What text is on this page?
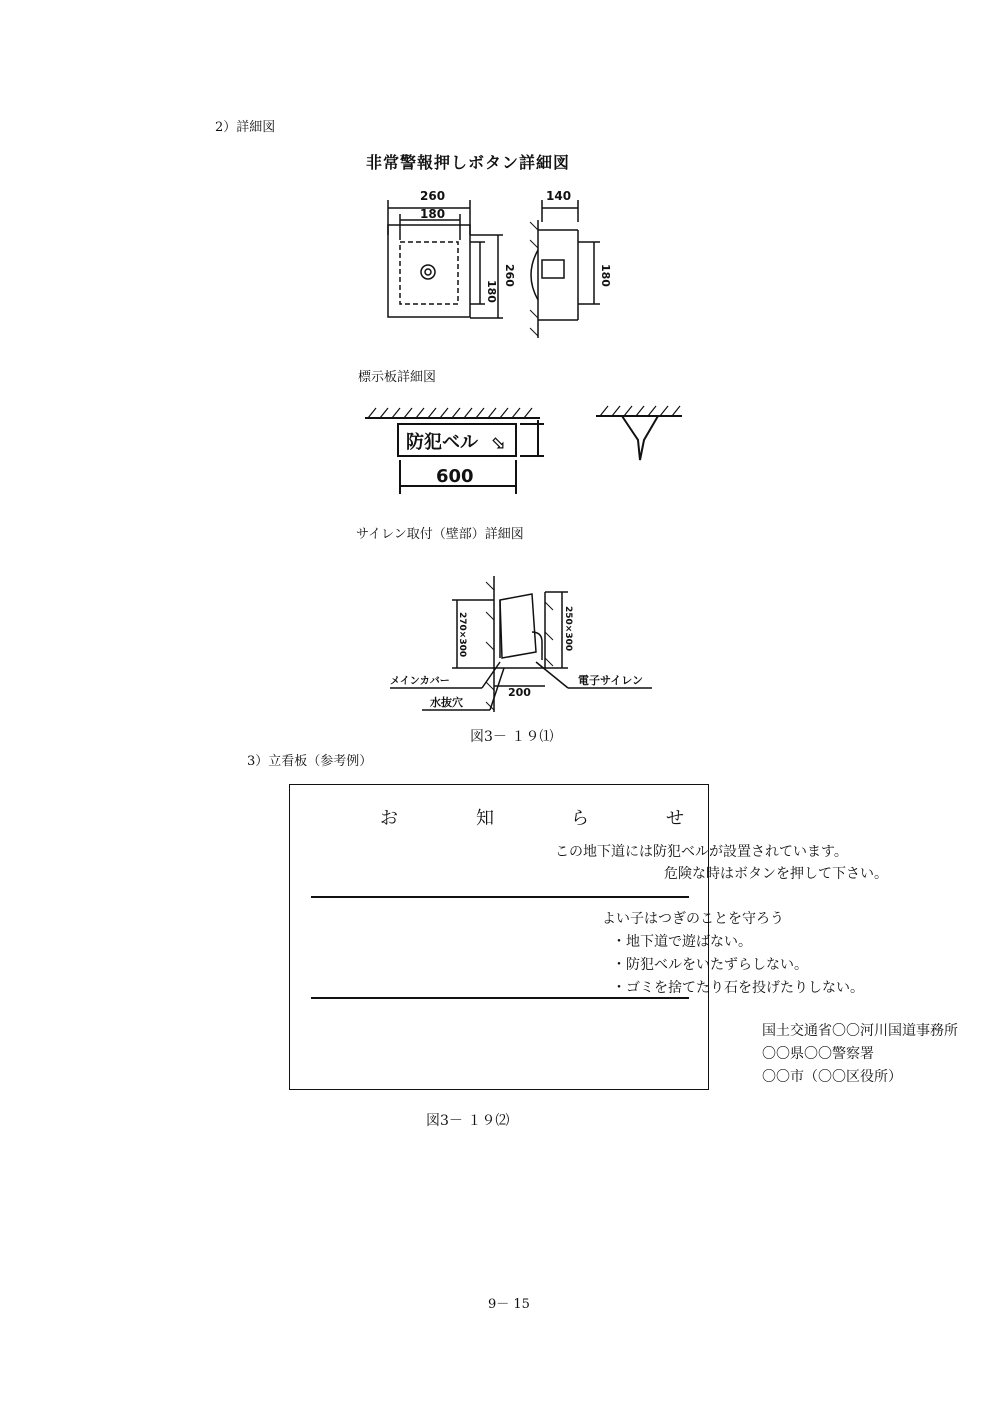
2）詳細図
非常警報押しボタン詳細図
260
180
180
260
140
180
標示板詳細図
防犯ベル ⬂
600
サイレン取付（壁部）詳細図
270×300	250×300
200
メインカバー
水抜穴
電子サイレン
図3－ １９⑴
3）立看板（参考例）
お	知	ら	せ
この地下道には防犯ベルが設置されています。
危険な時はボタンを押して下さい。
よい子はつぎのことを守ろう
・地下道で遊ばない。
・防犯ベルをいたずらしない。
・ゴミを捨てたり石を投げたりしない。
国土交通省〇〇河川国道事務所
〇〇県〇〇警察署
〇〇市（〇〇区役所）
図3－ １９⑵
9－ 15
